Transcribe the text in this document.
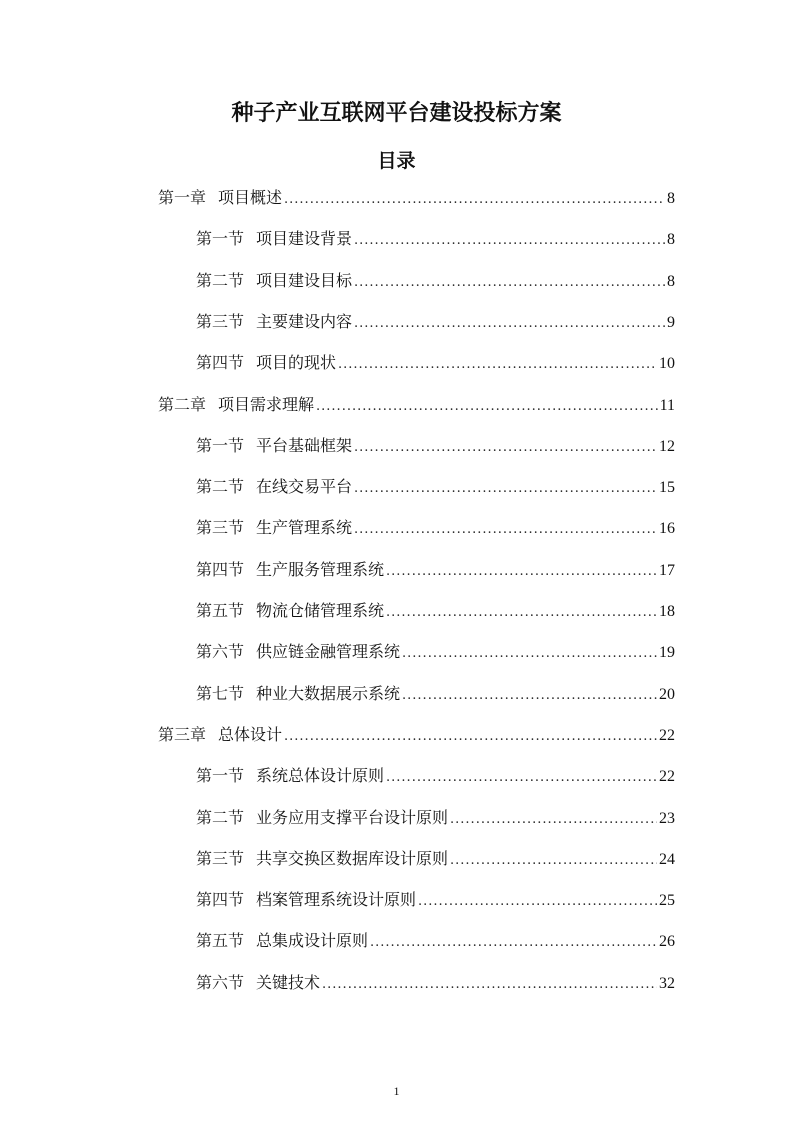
种子产业互联网平台建设投标方案
目录
第一章 项目概述 .....	8
第一节 项目建设背景 .....	8
第二节 项目建设目标 .....	8
第三节 主要建设内容 .....	9
第四节 项目的现状 .....	10
第二章 项目需求理解 .....	11
第一节 平台基础框架 .....	12
第二节 在线交易平台 .....	15
第三节 生产管理系统 .....	16
第四节 生产服务管理系统 .....	17
第五节 物流仓储管理系统 .....	18
第六节 供应链金融管理系统 .....	19
第七节 种业大数据展示系统 .....	20
第三章 总体设计 .....	22
第一节 系统总体设计原则 .....	22
第二节 业务应用支撑平台设计原则 .....	23
第三节 共享交换区数据库设计原则 .....	24
第四节 档案管理系统设计原则 .....	25
第五节 总集成设计原则 .....	26
第六节 关键技术 .....	32
1
